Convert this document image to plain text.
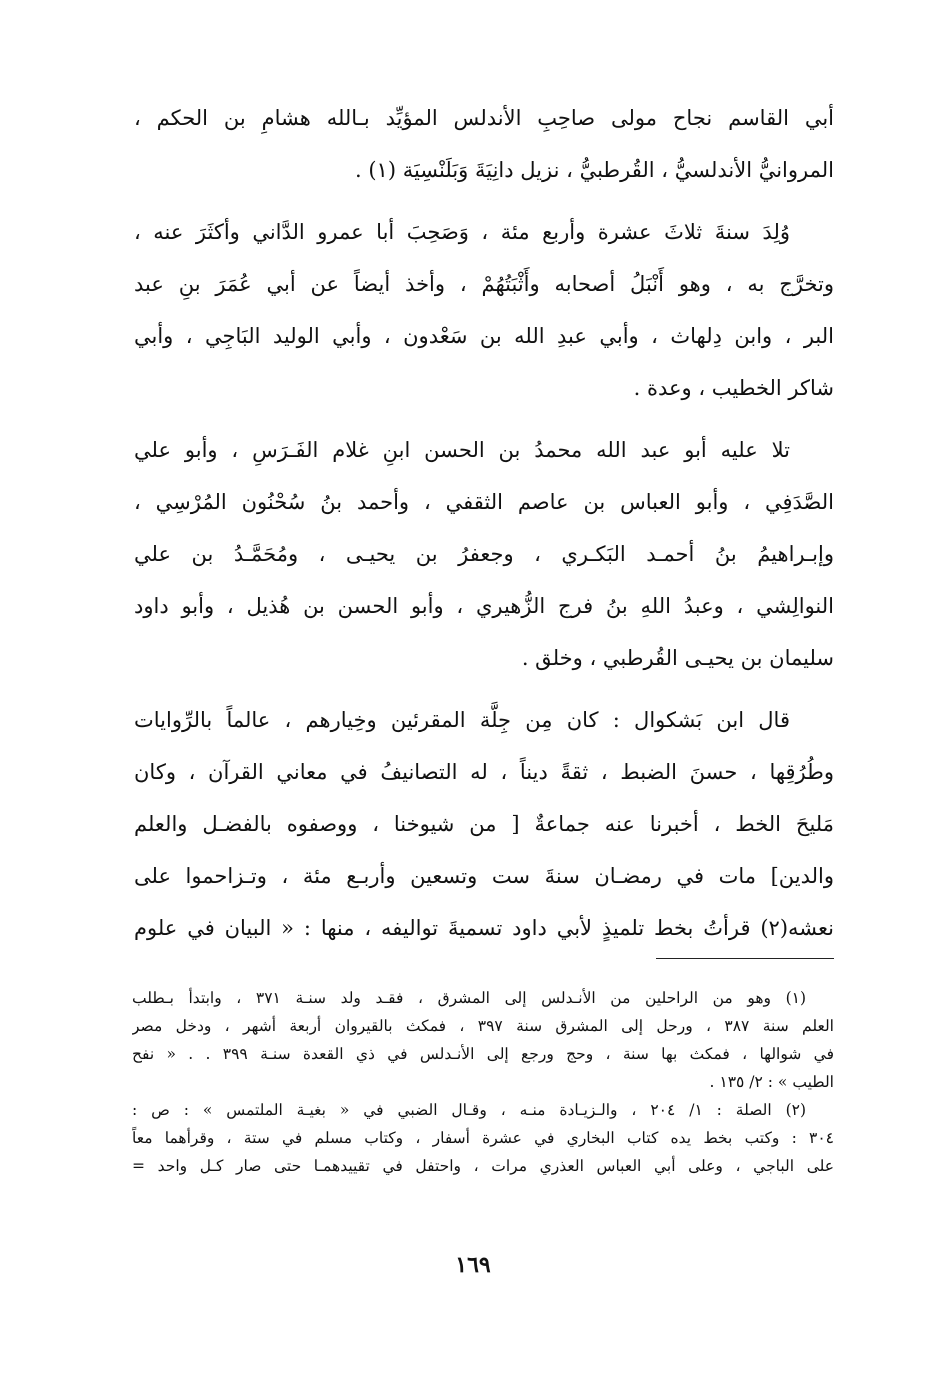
أبي القاسم نجاح مولى صاحِبِ الأندلس المؤيِّد بـالله هشامِ بن الحكم ،
المروانيُّ الأندلسيُّ ، القُرطبيُّ ، نزيل دانِيَةَ وَبَلَنْسِيَة (١) .
وُلِدَ سنةَ ثلاثَ عشرة وأربع مئة ، وَصَحِبَ أبا عمرو الدَّاني وأكثَرَ عنه ،
وتخرَّج به ، وهو أَنْبَلُ أصحابه وأَثْبَتُهُمْ ، وأخذ أيضاً عن أبي عُمَرَ بنِ عبد
البر ، وابن دِلهاث ، وأبي عبدِ الله بن سَعْدون ، وأبي الوليد البَاجِي ، وأبي
شاكر الخطيب ، وعدة .
تلا عليه أبو عبد الله محمدُ بن الحسن ابنِ غلام الفَـرَسِ ، وأبو علي
الصَّدَفِي ، وأبو العباس بن عاصم الثقفي ، وأحمد بنُ سُحْنُون المُرْسِي ،
وإبـراهيمُ بنُ أحمـد البَكـري ، وجعفرُ بن يحيـى ، ومُحَمَّـدُ بن علي
النوالِشي ، وعبدُ اللهِ بنُ فرج الزُّهيري ، وأبو الحسن بن هُذيل ، وأبو داود
سليمان بن يحيـى القُرطبي ، وخلق .
قال ابن بَشكوال : كان مِن جِلَّة المقرئين وخِيارهم ، عالماً بالرِّوايات
وطُرُقِها ، حسنَ الضبط ، ثقةً ديناً ، له التصانيفُ في معاني القرآن ، وكان
مَليحَ الخط ، أخبرنا عنه جماعةٌ [ من شيوخنا ، ووصفوه بالفضـل والعلم
والدين] مات في رمضـان سنةَ ست وتسعين وأربـع مئة ، وتـزاحموا على
نعشه(٢) قرأتُ بخط تلميذٍ لأبي داود تسميةَ تواليفه ، منها : « البيان في علوم
(١) وهو من الراحلين من الأنـدلس إلى المشرق ، فقـد ولد سنـة ٣٧١ ، وابتدأ بـطلب
العلم سنة ٣٨٧ ، ورحل إلى المشرق سنة ٣٩٧ ، فمكث بالقيروان أربعة أشهر ، ودخل مصر
في شوالها ، فمكث بها سنة ، وحج ورجع إلى الأنـدلس في ذي القعدة سنـة ٣٩٩ . . « نفح
الطيب » : ٢/ ١٣٥ .
(٢) الصلة : ١/ ٢٠٤ ، والـزيـادة منـه ، وقـال الضبي في « بغيـة الملتمس » : ص :
٣٠٤ : وكتب بخط يده كتاب البخاري في عشرة أسفار ، وكتاب مسلم في ستة ، وقرأهما معاً
على الباجي ، وعلى أبي العباس العذري مرات ، واحتفل في تقييدهمـا حتى صار كـل واحد =
١٦٩
